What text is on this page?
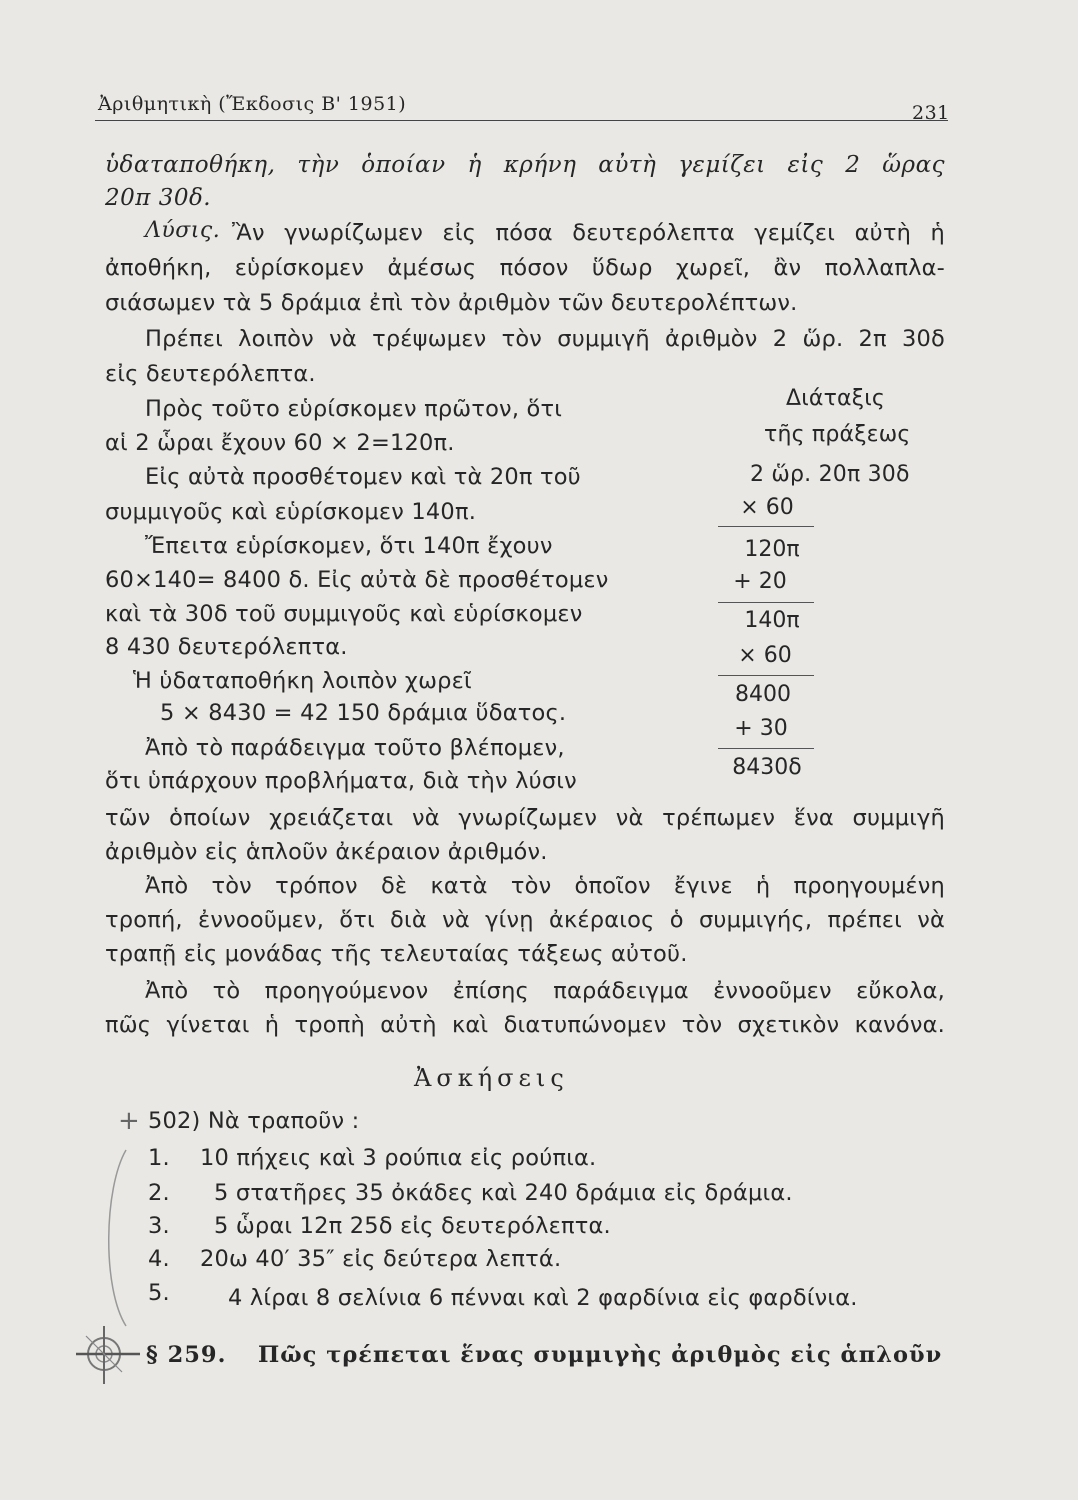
Ἀριθμητικὴ (Ἔκδοσις Β' 1951)	231
ὑδαταποθήκη, τὴν ὁποίαν ἡ κρήνη αὐτὴ γεμίζει εἰς 2 ὥρας
20π 30δ.
Λύσις. Ἂν γνωρίζωμεν εἰς πόσα δευτερόλεπτα γεμίζει αὐτὴ ἡ
ἀποθήκη, εὑρίσκομεν ἀμέσως πόσον ὕδωρ χωρεῖ, ἂν πολλαπλα-
σιάσωμεν τὰ 5 δράμια ἐπὶ τὸν ἀριθμὸν τῶν δευτερολέπτων.
Πρέπει λοιπὸν νὰ τρέψωμεν τὸν συμμιγῆ ἀριθμὸν 2 ὥρ. 2π 30δ
εἰς δευτερόλεπτα.
Πρὸς τοῦτο εὑρίσκομεν πρῶτον, ὅτι
αἱ 2 ὧραι ἔχουν 60 × 2=120π.
Εἰς αὐτὰ προσθέτομεν καὶ τὰ 20π τοῦ
συμμιγοῦς καὶ εὑρίσκομεν 140π.
Ἔπειτα εὑρίσκομεν, ὅτι 140π ἔχουν
60×140= 8400 δ. Εἰς αὐτὰ δὲ προσθέτομεν
καὶ τὰ 30δ τοῦ συμμιγοῦς καὶ εὑρίσκομεν
8 430 δευτερόλεπτα.
Ἡ ὑδαταποθήκη λοιπὸν χωρεῖ
5 × 8430 = 42 150 δράμια ὕδατος.
Ἀπὸ τὸ παράδειγμα τοῦτο βλέπομεν,
ὅτι ὑπάρχουν προβλήματα, διὰ τὴν λύσιν
Διάταξις
τῆς πράξεως
2 ὥρ. 20π 30δ
× 60
120π
+ 20
140π
× 60
8400
+ 30
8430δ
τῶν ὁποίων χρειάζεται νὰ γνωρίζωμεν νὰ τρέπωμεν ἕνα συμμιγῆ
ἀριθμὸν εἰς ἁπλοῦν ἀκέραιον ἀριθμόν.
Ἀπὸ τὸν τρόπον δὲ κατὰ τὸν ὁποῖον ἔγινε ἡ προηγουμένη
τροπή, ἐννοοῦμεν, ὅτι διὰ νὰ γίνῃ ἀκέραιος ὁ συμμιγής, πρέπει νὰ
τραπῇ εἰς μονάδας τῆς τελευταίας τάξεως αὐτοῦ.
Ἀπὸ τὸ προηγούμενον ἐπίσης παράδειγμα ἐννοοῦμεν εὔκολα,
πῶς γίνεται ἡ τροπὴ αὐτὴ καὶ διατυπώνομεν τὸν σχετικὸν κανόνα.
Ἀσκήσεις
+ 502) Νὰ τραποῦν :
1. 10 πήχεις καὶ 3 ρούπια εἰς ρούπια.
2. 5 στατῆρες 35 ὀκάδες καὶ 240 δράμια εἰς δράμια.
3. 5 ὧραι 12π 25δ εἰς δευτερόλεπτα.
4. 20ω 40′ 35″ εἰς δεύτερα λεπτά.
5.	4 λίραι 8 σελίνια 6 πένναι καὶ 2 φαρδίνια εἰς φαρδίνια.
§ 259. Πῶς τρέπεται ἕνας συμμιγὴς ἀριθμὸς εἰς ἁπλοῦν
